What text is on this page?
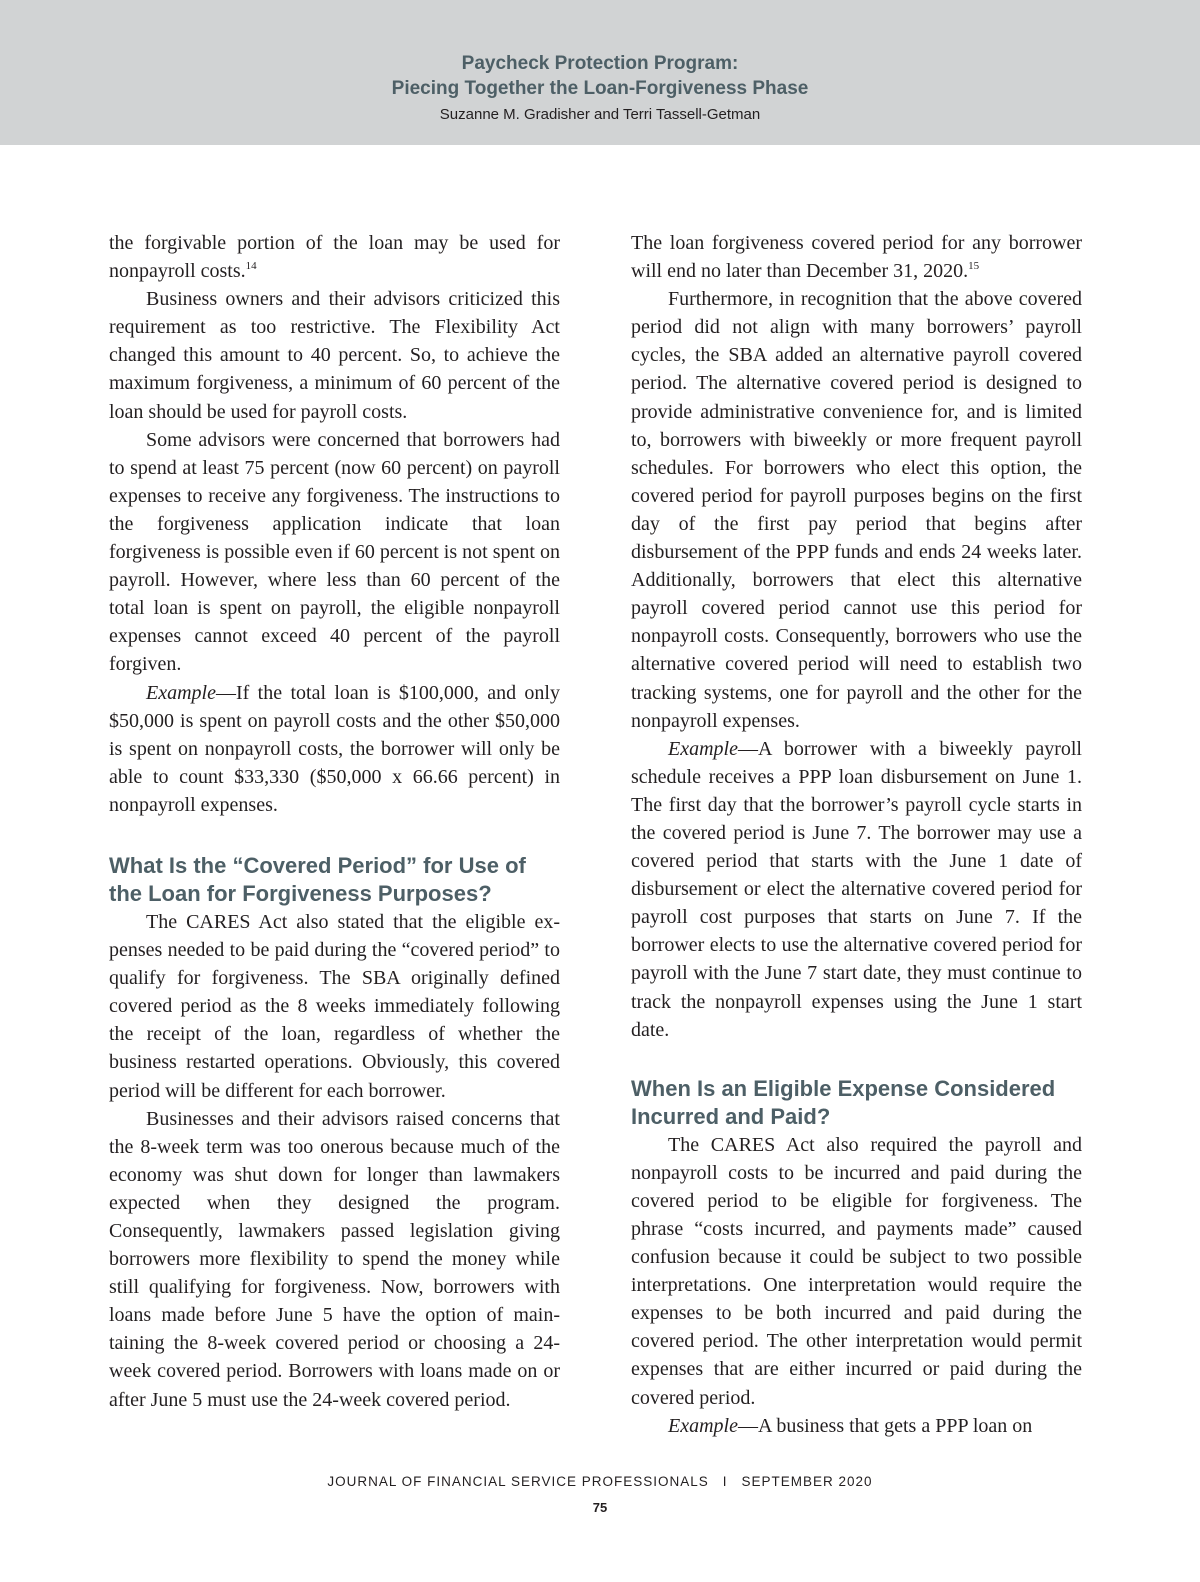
Paycheck Protection Program:
Piecing Together the Loan-Forgiveness Phase
Suzanne M. Gradisher and Terri Tassell-Getman

the forgivable portion of the loan may be used for nonpayroll costs.$^{14}$

Business owners and their advisors criticized this requirement as too restrictive. The Flexibility Act changed this amount to 40 percent. So, to achieve the maximum forgiveness, a minimum of 60 percent of the loan should be used for payroll costs.

Some advisors were concerned that borrowers had to spend at least 75 percent (now 60 percent) on payroll expenses to receive any forgiveness. The instructions to the forgiveness application indicate that loan forgiveness is possible even if 60 percent is not spent on payroll. However, where less than 60 percent of the total loan is spent on payroll, the eligible nonpayroll expenses cannot exceed 40 percent of the payroll forgiven.

Example—If the total loan is $100,000, and only $50,000 is spent on payroll costs and the other $50,000 is spent on nonpayroll costs, the borrower will only be able to count $33,330 ($50,000 x 66.66 percent) in nonpayroll expenses.

What Is the “Covered Period” for Use of the Loan for Forgiveness Purposes?

The CARES Act also stated that the eligible expenses needed to be paid during the “covered period” to qualify for forgiveness. The SBA originally defined covered period as the 8 weeks immediately following the receipt of the loan, regardless of whether the business restarted operations. Obviously, this covered period will be different for each borrower.

Businesses and their advisors raised concerns that the 8-week term was too onerous because much of the economy was shut down for longer than lawmakers expected when they designed the program. Consequently, lawmakers passed legislation giving borrowers more flexibility to spend the money while still qualifying for forgiveness. Now, borrowers with loans made before June 5 have the option of maintaining the 8-week covered period or choosing a 24-week covered period. Borrowers with loans made on or after June 5 must use the 24-week covered period.

The loan forgiveness covered period for any borrower will end no later than December 31, 2020.15

Furthermore, in recognition that the above covered period did not align with many borrowers’ payroll cycles, the SBA added an alternative payroll covered period. The alternative covered period is designed to provide administrative convenience for, and is limited to, borrowers with biweekly or more frequent payroll schedules. For borrowers who elect this option, the covered period for payroll purposes begins on the first day of the first pay period that begins after disbursement of the PPP funds and ends 24 weeks later. Additionally, borrowers that elect this alternative payroll covered period cannot use this period for nonpayroll costs. Consequently, borrowers who use the alternative covered period will need to establish two tracking systems, one for payroll and the other for the nonpayroll expenses.

Example—A borrower with a biweekly payroll schedule receives a PPP loan disbursement on June 1. The first day that the borrower’s payroll cycle starts in the covered period is June 7. The borrower may use a covered period that starts with the June 1 date of disbursement or elect the alternative covered period for payroll cost purposes that starts on June 7. If the borrower elects to use the alternative covered period for payroll with the June 7 start date, they must continue to track the nonpayroll expenses using the June 1 start date.

When Is an Eligible Expense Considered Incurred and Paid?

The CARES Act also required the payroll and nonpayroll costs to be incurred and paid during the covered period to be eligible for forgiveness. The phrase “costs incurred, and payments made” caused confusion because it could be subject to two possible interpretations. One interpretation would require the expenses to be both incurred and paid during the covered period. The other interpretation would permit expenses that are either incurred or paid during the covered period.

Example—A business that gets a PPP loan on

JOURNAL OF FINANCIAL SERVICE PROFESSIONALS I SEPTEMBER 2020
75
